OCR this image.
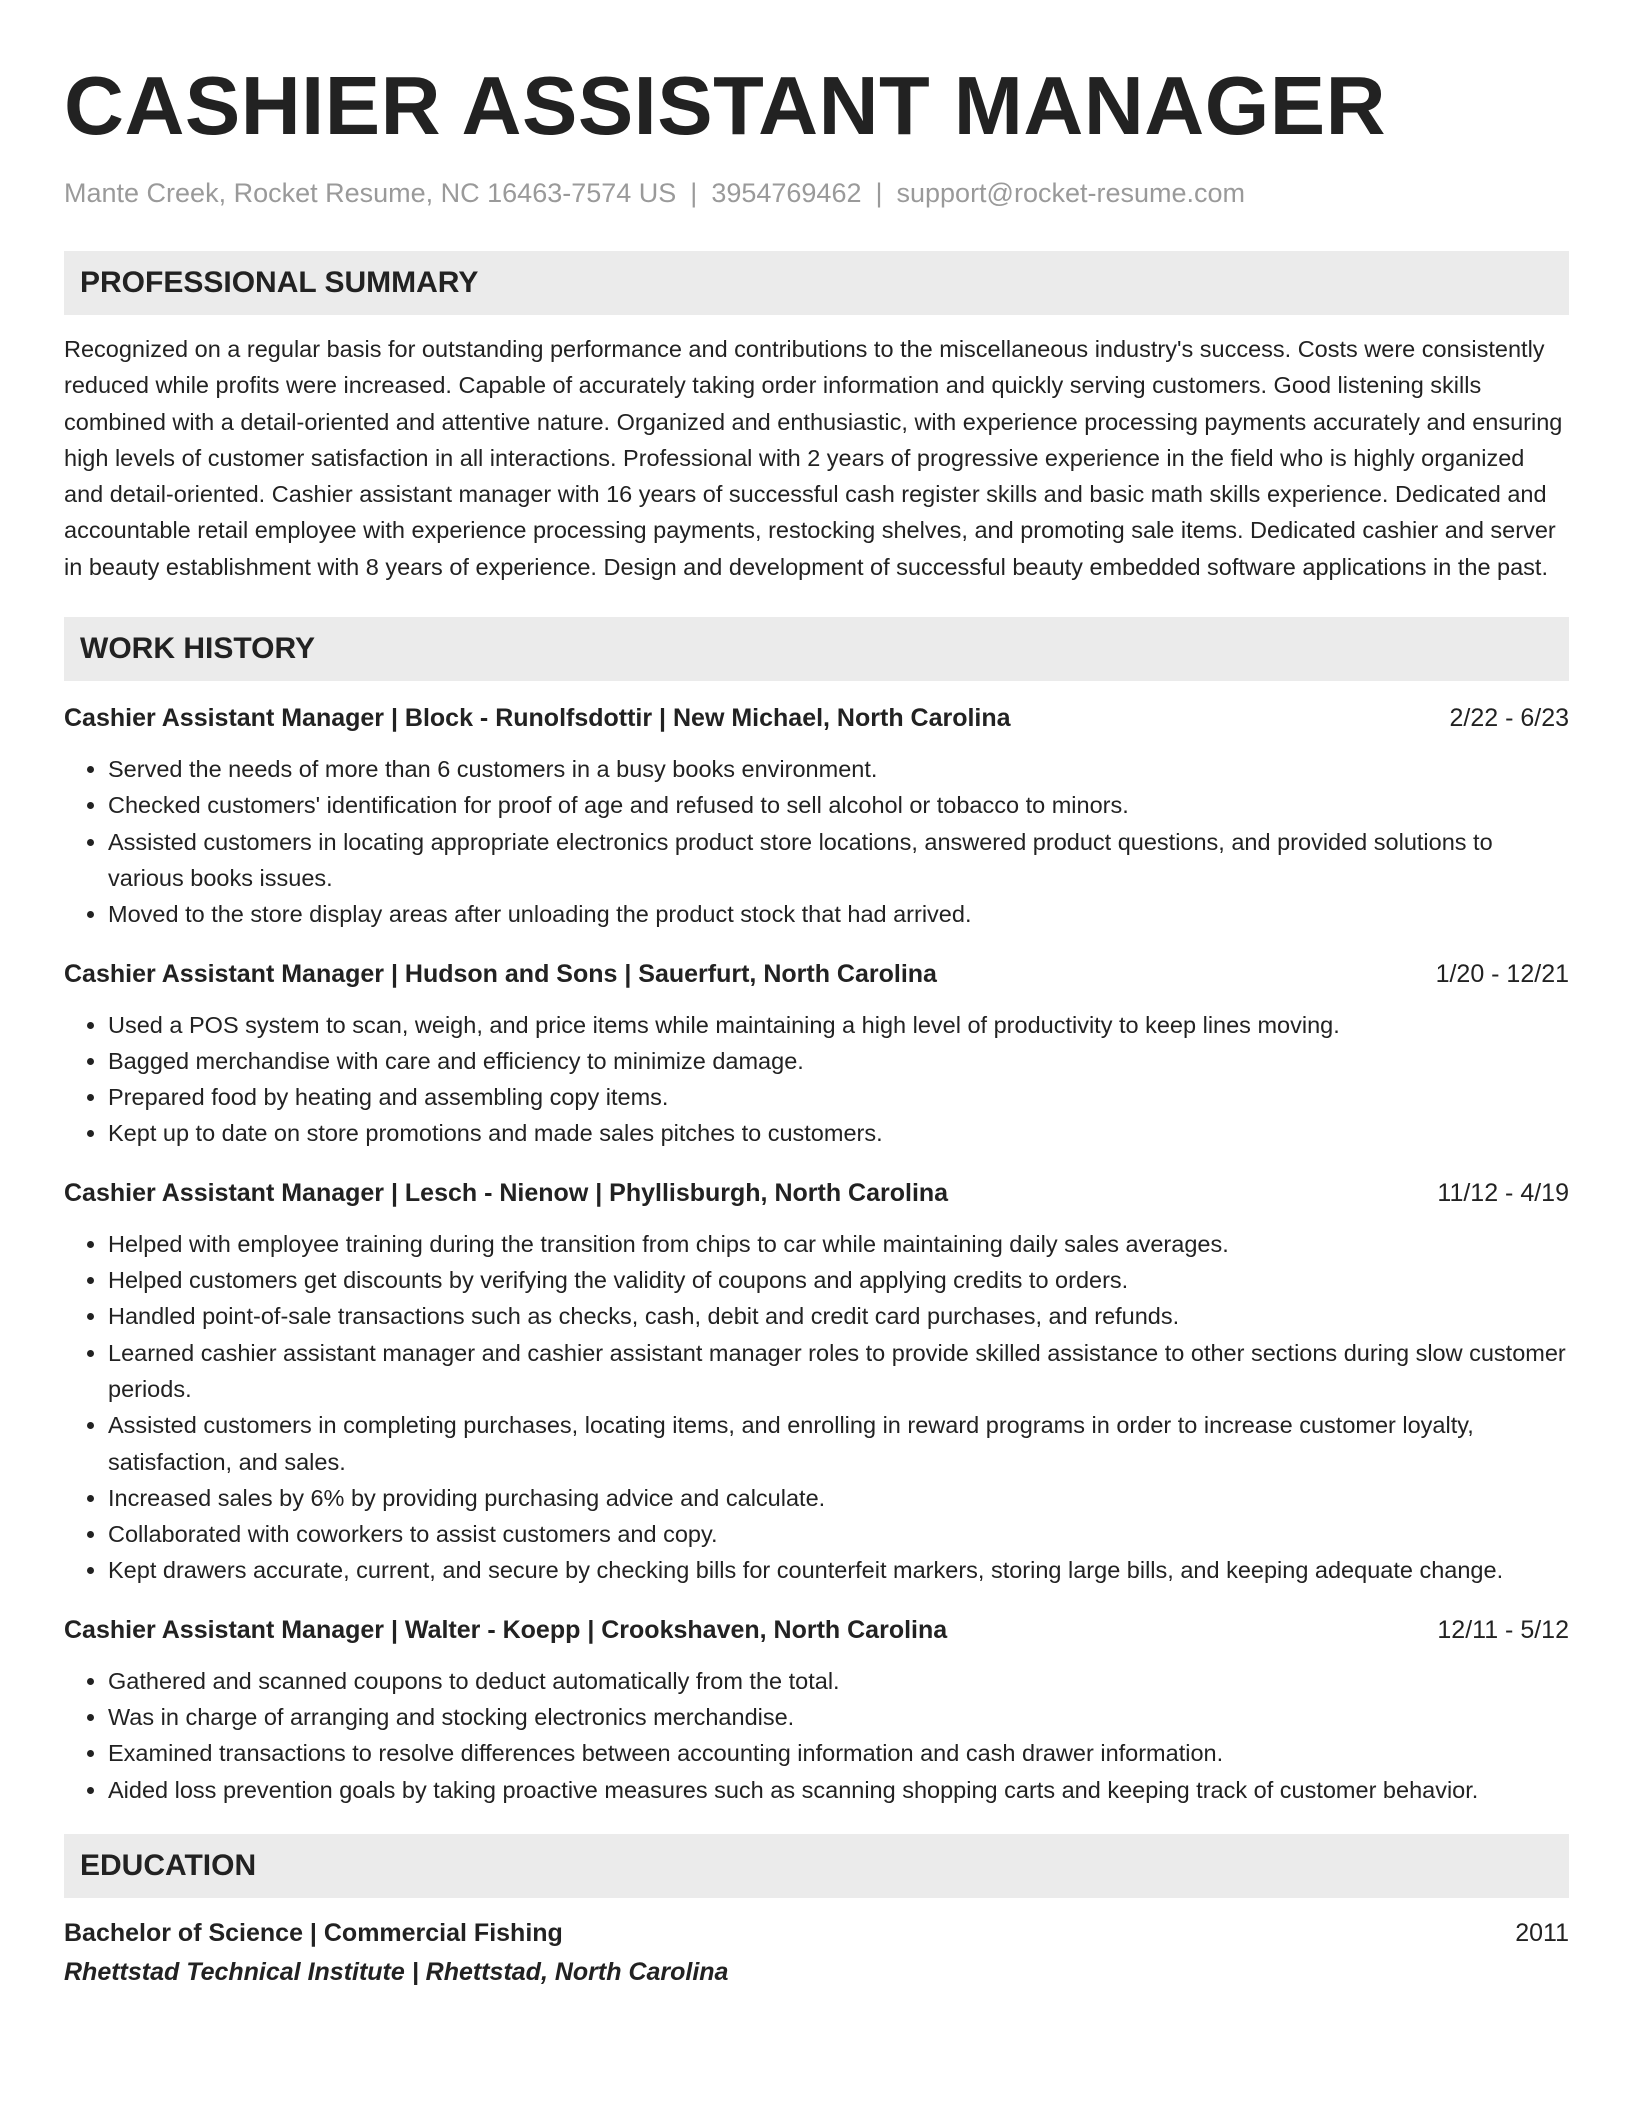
CASHIER ASSISTANT MANAGER
Mante Creek, Rocket Resume, NC 16463-7574 US | 3954769462 | support@rocket-resume.com
PROFESSIONAL SUMMARY
Recognized on a regular basis for outstanding performance and contributions to the miscellaneous industry's success. Costs were consistently reduced while profits were increased. Capable of accurately taking order information and quickly serving customers. Good listening skills combined with a detail-oriented and attentive nature. Organized and enthusiastic, with experience processing payments accurately and ensuring high levels of customer satisfaction in all interactions. Professional with 2 years of progressive experience in the field who is highly organized and detail-oriented. Cashier assistant manager with 16 years of successful cash register skills and basic math skills experience. Dedicated and accountable retail employee with experience processing payments, restocking shelves, and promoting sale items. Dedicated cashier and server in beauty establishment with 8 years of experience. Design and development of successful beauty embedded software applications in the past.
WORK HISTORY
Cashier Assistant Manager | Block - Runolfsdottir | New Michael, North Carolina	2/22 - 6/23
• Served the needs of more than 6 customers in a busy books environment.
• Checked customers' identification for proof of age and refused to sell alcohol or tobacco to minors.
• Assisted customers in locating appropriate electronics product store locations, answered product questions, and provided solutions to various books issues.
• Moved to the store display areas after unloading the product stock that had arrived.
Cashier Assistant Manager | Hudson and Sons | Sauerfurt, North Carolina	1/20 - 12/21
• Used a POS system to scan, weigh, and price items while maintaining a high level of productivity to keep lines moving.
• Bagged merchandise with care and efficiency to minimize damage.
• Prepared food by heating and assembling copy items.
• Kept up to date on store promotions and made sales pitches to customers.
Cashier Assistant Manager | Lesch - Nienow | Phyllisburgh, North Carolina	11/12 - 4/19
• Helped with employee training during the transition from chips to car while maintaining daily sales averages.
• Helped customers get discounts by verifying the validity of coupons and applying credits to orders.
• Handled point-of-sale transactions such as checks, cash, debit and credit card purchases, and refunds.
• Learned cashier assistant manager and cashier assistant manager roles to provide skilled assistance to other sections during slow customer periods.
• Assisted customers in completing purchases, locating items, and enrolling in reward programs in order to increase customer loyalty, satisfaction, and sales.
• Increased sales by 6% by providing purchasing advice and calculate.
• Collaborated with coworkers to assist customers and copy.
• Kept drawers accurate, current, and secure by checking bills for counterfeit markers, storing large bills, and keeping adequate change.
Cashier Assistant Manager | Walter - Koepp | Crookshaven, North Carolina	12/11 - 5/12
• Gathered and scanned coupons to deduct automatically from the total.
• Was in charge of arranging and stocking electronics merchandise.
• Examined transactions to resolve differences between accounting information and cash drawer information.
• Aided loss prevention goals by taking proactive measures such as scanning shopping carts and keeping track of customer behavior.
EDUCATION
Bachelor of Science | Commercial Fishing	2011
Rhettstad Technical Institute | Rhettstad, North Carolina
